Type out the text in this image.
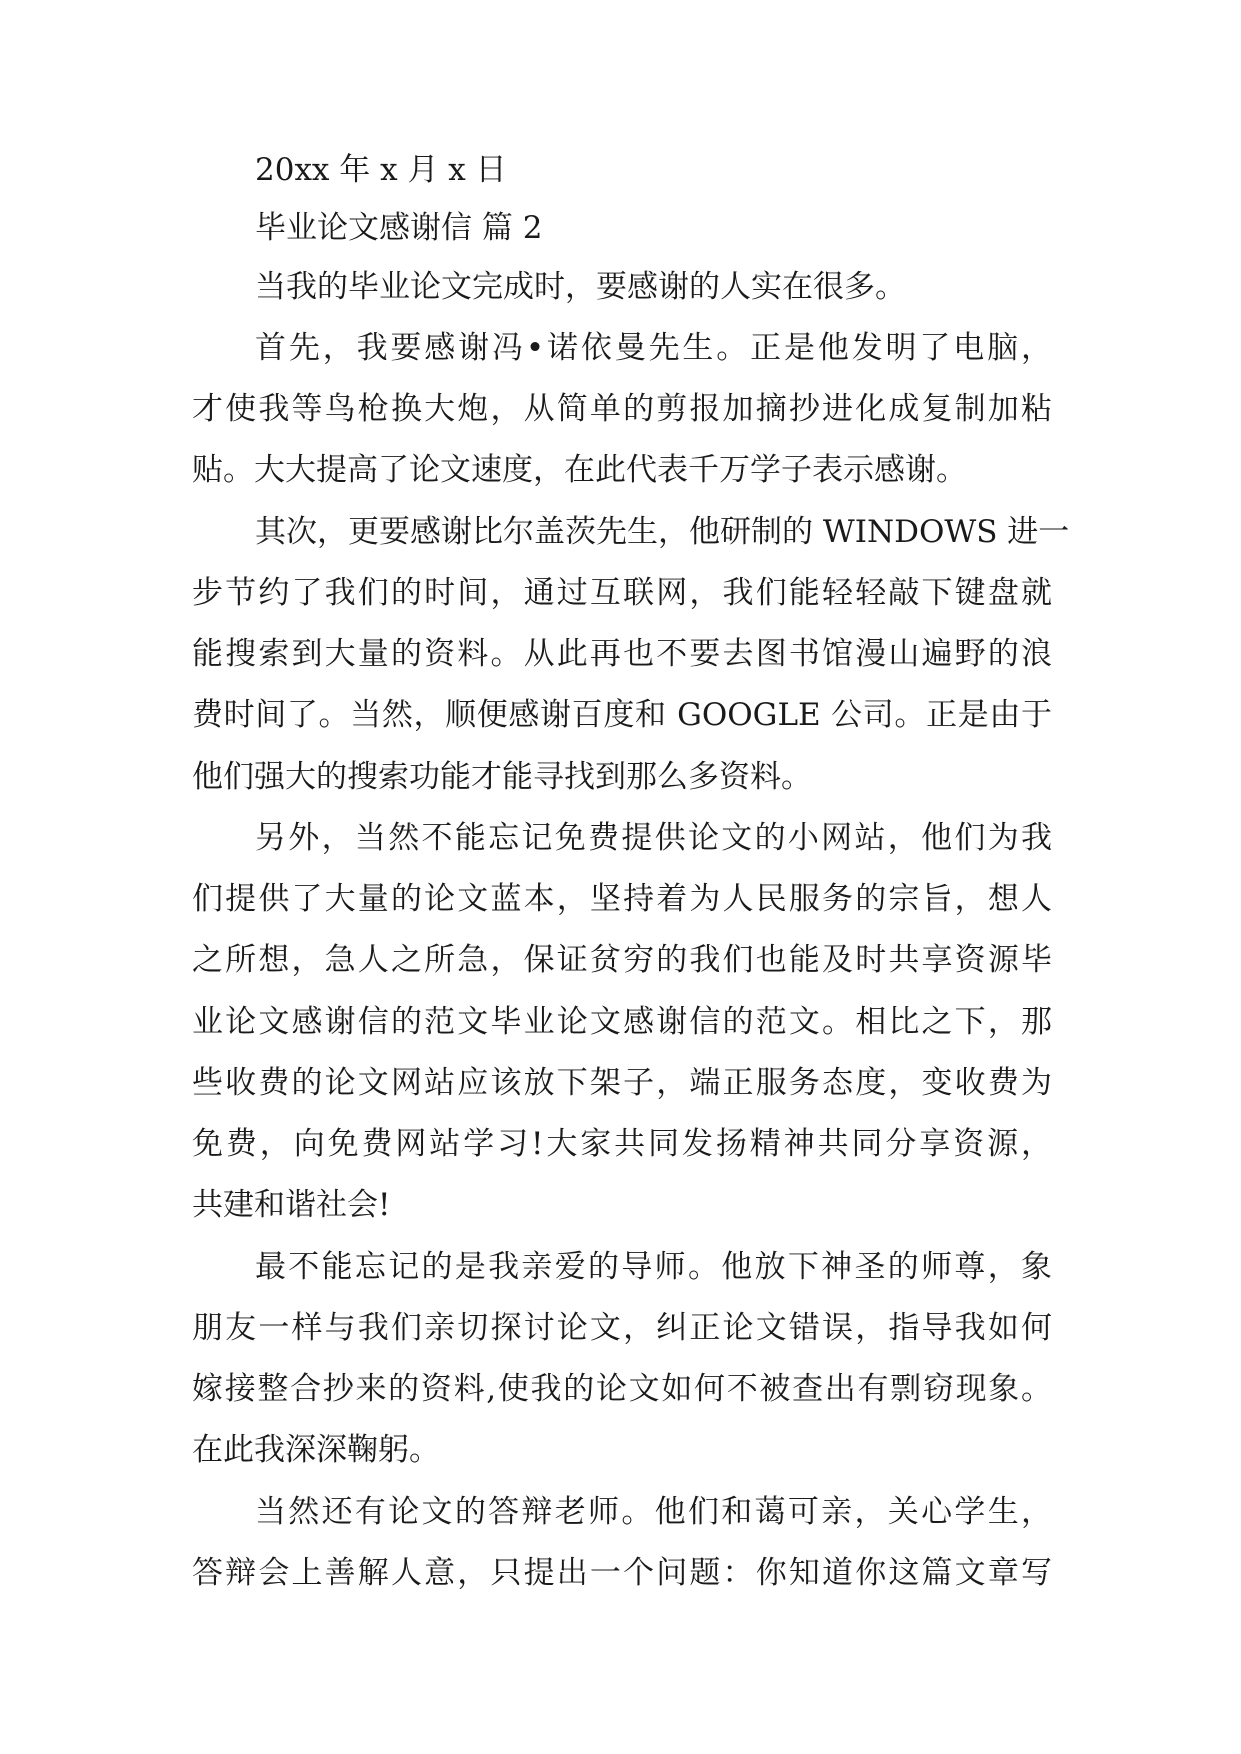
20xx 年 x 月 x 日
毕业论文感谢信 篇 2
当我的毕业论文完成时，要感谢的人实在很多。
首先，我要感谢冯•诺依曼先生。正是他发明了电脑，
才使我等鸟枪换大炮，从简单的剪报加摘抄进化成复制加粘
贴。大大提高了论文速度，在此代表千万学子表示感谢。
其次，更要感谢比尔盖茨先生，他研制的 WINDOWS 进一
步节约了我们的时间，通过互联网，我们能轻轻敲下键盘就
能搜索到大量的资料。从此再也不要去图书馆漫山遍野的浪
费时间了。当然，顺便感谢百度和 GOOGLE 公司。正是由于
他们强大的搜索功能才能寻找到那么多资料。
另外，当然不能忘记免费提供论文的小网站，他们为我
们提供了大量的论文蓝本，坚持着为人民服务的宗旨，想人
之所想，急人之所急，保证贫穷的我们也能及时共享资源毕
业论文感谢信的范文毕业论文感谢信的范文。相比之下，那
些收费的论文网站应该放下架子，端正服务态度，变收费为
免费，向免费网站学习!大家共同发扬精神共同分享资源，
共建和谐社会!
最不能忘记的是我亲爱的导师。他放下神圣的师尊，象
朋友一样与我们亲切探讨论文，纠正论文错误，指导我如何
嫁接整合抄来的资料,使我的论文如何不被查出有剽窃现象。
在此我深深鞠躬。
当然还有论文的答辩老师。他们和蔼可亲，关心学生，
答辩会上善解人意，只提出一个问题：你知道你这篇文章写
